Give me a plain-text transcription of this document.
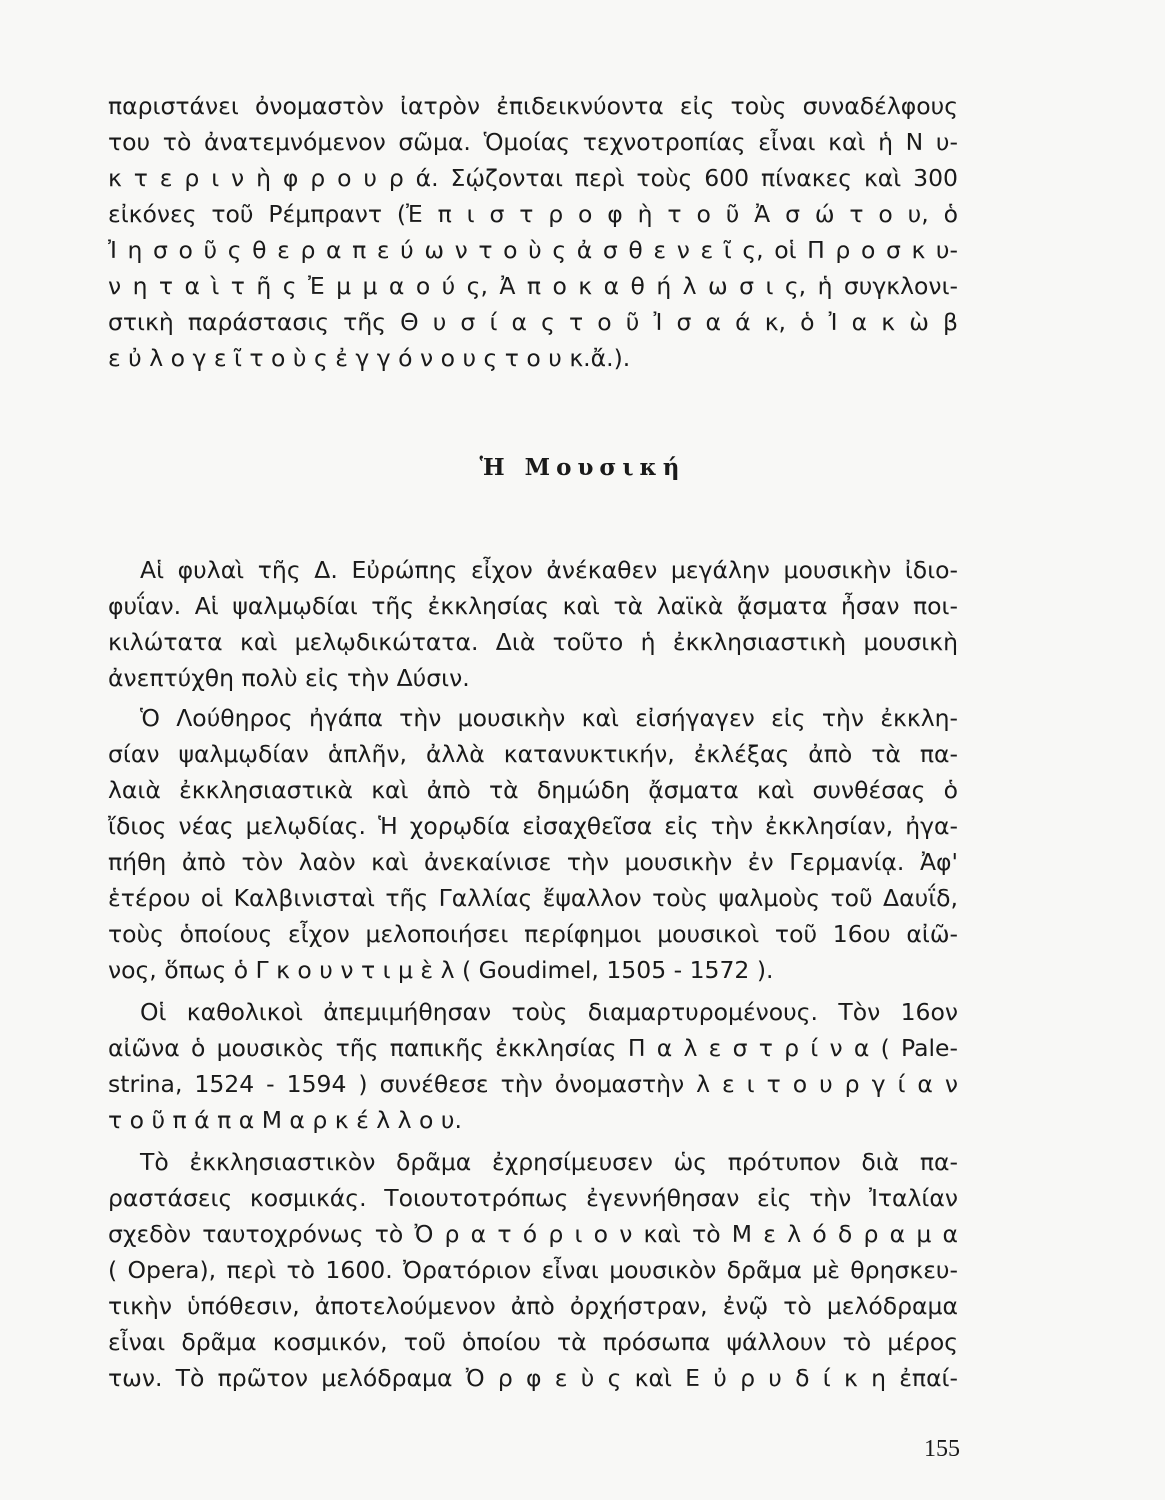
παριστάνει ὀνομαστὸν ἰατρὸν ἐπιδεικνύοντα εἰς τοὺς συναδέλφους
του τὸ ἀνατεμνόμενον σῶμα. Ὁμοίας τεχνοτροπίας εἶναι καὶ ἡ Ν υ-
κ τ ε ρ ι ν ὴ φ ρ ο υ ρ ά. Σῴζονται περὶ τοὺς 600 πίνακες καὶ 300
εἰκόνες τοῦ Ρέμπραντ (Ἐ π ι σ τ ρ ο φ ὴ τ ο ῦ Ἀ σ ώ τ ο υ, ὁ
Ἰ η σ ο ῦ ς θ ε ρ α π ε ύ ω ν τ ο ὺ ς ἀ σ θ ε ν ε ῖ ς, οἱ Π ρ ο σ κ υ-
ν η τ α ὶ τ ῆ ς Ἐ μ μ α ο ύ ς, Ἀ π ο κ α θ ή λ ω σ ι ς, ἡ συγκλονι-
στικὴ παράστασις τῆς Θ υ σ ί α ς τ ο ῦ Ἰ σ α ά κ, ὁ Ἰ α κ ὼ β
ε ὐ λ ο γ ε ῖ τ ο ὺ ς ἐ γ γ ό ν ο υ ς τ ο υ κ.ἄ.).
Ἡ Μουσική
Αἱ φυλαὶ τῆς Δ. Εὐρώπης εἶχον ἀνέκαθεν μεγάλην μουσικὴν ἰδιο-
φυΐαν. Αἱ ψαλμῳδίαι τῆς ἐκκλησίας καὶ τὰ λαϊκὰ ᾄσματα ἦσαν ποι-
κιλώτατα καὶ μελῳδικώτατα. Διὰ τοῦτο ἡ ἐκκλησιαστικὴ μουσικὴ
ἀνεπτύχθη πολὺ εἰς τὴν Δύσιν.
Ὁ Λούθηρος ἠγάπα τὴν μουσικὴν καὶ εἰσήγαγεν εἰς τὴν ἐκκλη-
σίαν ψαλμῳδίαν ἁπλῆν, ἀλλὰ κατανυκτικήν, ἐκλέξας ἀπὸ τὰ πα-
λαιὰ ἐκκλησιαστικὰ καὶ ἀπὸ τὰ δημώδη ᾄσματα καὶ συνθέσας ὁ
ἴδιος νέας μελῳδίας. Ἡ χορῳδία εἰσαχθεῖσα εἰς τὴν ἐκκλησίαν, ἠγα-
πήθη ἀπὸ τὸν λαὸν καὶ ἀνεκαίνισε τὴν μουσικὴν ἐν Γερμανίᾳ. Ἀφ'
ἑτέρου οἱ Καλβινισταὶ τῆς Γαλλίας ἔψαλλον τοὺς ψαλμοὺς τοῦ Δαυΐδ,
τοὺς ὁποίους εἶχον μελοποιήσει περίφημοι μουσικοὶ τοῦ 16ου αἰῶ-
νος, ὅπως ὁ Γ κ ο υ ν τ ι μ ὲ λ ( Goudimel, 1505 - 1572 ).
Οἱ καθολικοὶ ἀπεμιμήθησαν τοὺς διαμαρτυρομένους. Τὸν 16ον
αἰῶνα ὁ μουσικὸς τῆς παπικῆς ἐκκλησίας Π α λ ε σ τ ρ ί ν α ( Pale-
strina, 1524 - 1594 ) συνέθεσε τὴν ὀνομαστὴν λ ε ι τ ο υ ρ γ ί α ν
τ ο ῦ π ά π α Μ α ρ κ έ λ λ ο υ.
Τὸ ἐκκλησιαστικὸν δρᾶμα ἐχρησίμευσεν ὡς πρότυπον διὰ πα-
ραστάσεις κοσμικάς. Τοιουτοτρόπως ἐγεννήθησαν εἰς τὴν Ἰταλίαν
σχεδὸν ταυτοχρόνως τὸ Ὀ ρ α τ ό ρ ι ο ν καὶ τὸ Μ ε λ ό δ ρ α μ α
( Opera), περὶ τὸ 1600. Ὀρατόριον εἶναι μουσικὸν δρᾶμα μὲ θρησκευ-
τικὴν ὑπόθεσιν, ἀποτελούμενον ἀπὸ ὀρχήστραν, ἐνῷ τὸ μελόδραμα
εἶναι δρᾶμα κοσμικόν, τοῦ ὁποίου τὰ πρόσωπα ψάλλουν τὸ μέρος
των. Τὸ πρῶτον μελόδραμα Ὀ ρ φ ε ὺ ς καὶ Ε ὐ ρ υ δ ί κ η ἐπαί-
155
